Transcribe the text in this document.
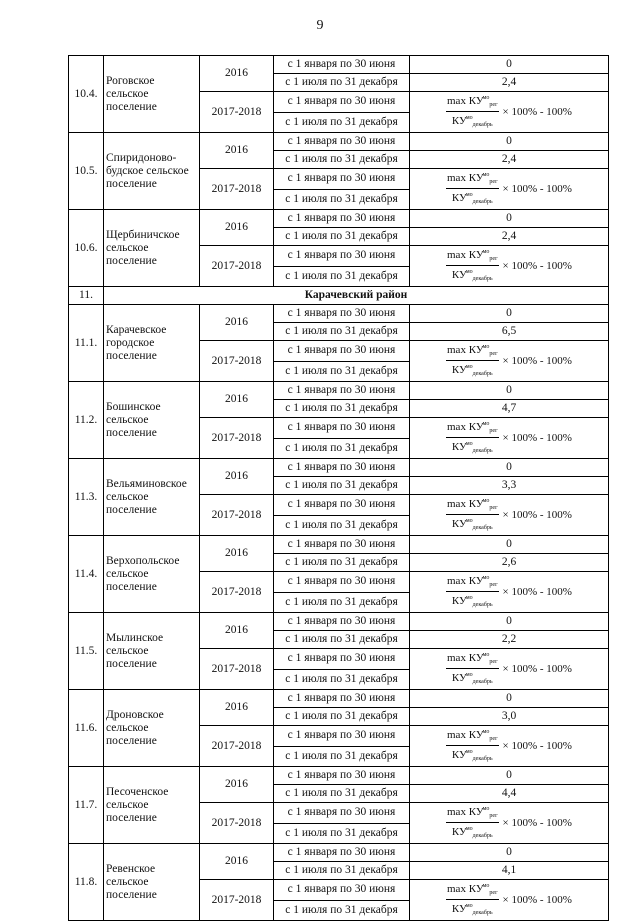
9
10.4.	Роговское сельское поселение	2016	с 1 января по 30 июня	0
			с 1 июля по 31 декабря	2,4
		2017-2018	с 1 января по 30 июня	$\frac{\max КУ^{мо}_{рег}}{КУ^{мо}_{декабрь}} \times 100\% - 100\%$

			с 1 июля по 31 декабря	
10.5.	Спиридоново-будское сельское поселение	2016	с 1 января по 30 июня	0
			с 1 июля по 31 декабря	2,4
		2017-2018	с 1 января по 30 июня	$\frac{\max КУ^{мо}_{рег}}{КУ^{мо}_{декабрь}} \times 100\% - 100\%$

			с 1 июля по 31 декабря	
10.6.	Щербиничское сельское поселение	2016	с 1 января по 30 июня	0
			с 1 июля по 31 декабря	2,4
		2017-2018	с 1 января по 30 июня	$\frac{\max КУ^{мо}_{рег}}{КУ^{мо}_{декабрь}} \times 100\% - 100\%$

			с 1 июля по 31 декабря	
11.	Карачевский район			
11.1.	Карачевское городское поселение	2016	с 1 января по 30 июня	0
			с 1 июля по 31 декабря	6,5
		2017-2018	с 1 января по 30 июня	$\frac{\max КУ^{мо}_{рег}}{КУ^{мо}_{декабрь}} \times 100\% - 100\%$

			с 1 июля по 31 декабря	
11.2.	Бошинское сельское поселение	2016	с 1 января по 30 июня	0
			с 1 июля по 31 декабря	4,7
		2017-2018	с 1 января по 30 июня	$\frac{\max КУ^{мо}_{рег}}{КУ^{мо}_{декабрь}} \times 100\% - 100\%$

			с 1 июля по 31 декабря	
11.3.	Вельяминовское сельское поселение	2016	с 1 января по 30 июня	0
			с 1 июля по 31 декабря	3,3
		2017-2018	с 1 января по 30 июня	$\frac{\max КУ^{мо}_{рег}}{КУ^{мо}_{декабрь}} \times 100\% - 100\%$

			с 1 июля по 31 декабря	
11.4.	Верхопольское сельское поселение	2016	с 1 января по 30 июня	0
			с 1 июля по 31 декабря	2,6
		2017-2018	с 1 января по 30 июня	$\frac{\max КУ^{мо}_{рег}}{КУ^{мо}_{декабрь}} \times 100\% - 100\%$

			с 1 июля по 31 декабря	
11.5.	Мылинское сельское поселение	2016	с 1 января по 30 июня	0
			с 1 июля по 31 декабря	2,2
		2017-2018	с 1 января по 30 июня	$\frac{\max КУ^{мо}_{рег}}{КУ^{мо}_{декабрь}} \times 100\% - 100\%$

			с 1 июля по 31 декабря	
11.6.	Дроновское сельское поселение	2016	с 1 января по 30 июня	0
			с 1 июля по 31 декабря	3,0
		2017-2018	с 1 января по 30 июня	$\frac{\max КУ^{мо}_{рег}}{КУ^{мо}_{декабрь}} \times 100\% - 100\%$

			с 1 июля по 31 декабря	
11.7.	Песоченское сельское поселение	2016	с 1 января по 30 июня	0
			с 1 июля по 31 декабря	4,4
		2017-2018	с 1 января по 30 июня	$\frac{\max КУ^{мо}_{рег}}{КУ^{мо}_{декабрь}} \times 100\% - 100\%$

			с 1 июля по 31 декабря	
11.8.	Ревенское сельское поселение	2016	с 1 января по 30 июня	0
			с 1 июля по 31 декабря	4,1
		2017-2018	с 1 января по 30 июня	$\frac{\max КУ^{мо}_{рег}}{КУ^{мо}_{декабрь}} \times 100\% - 100\%$

			с 1 июля по 31 декабря	
